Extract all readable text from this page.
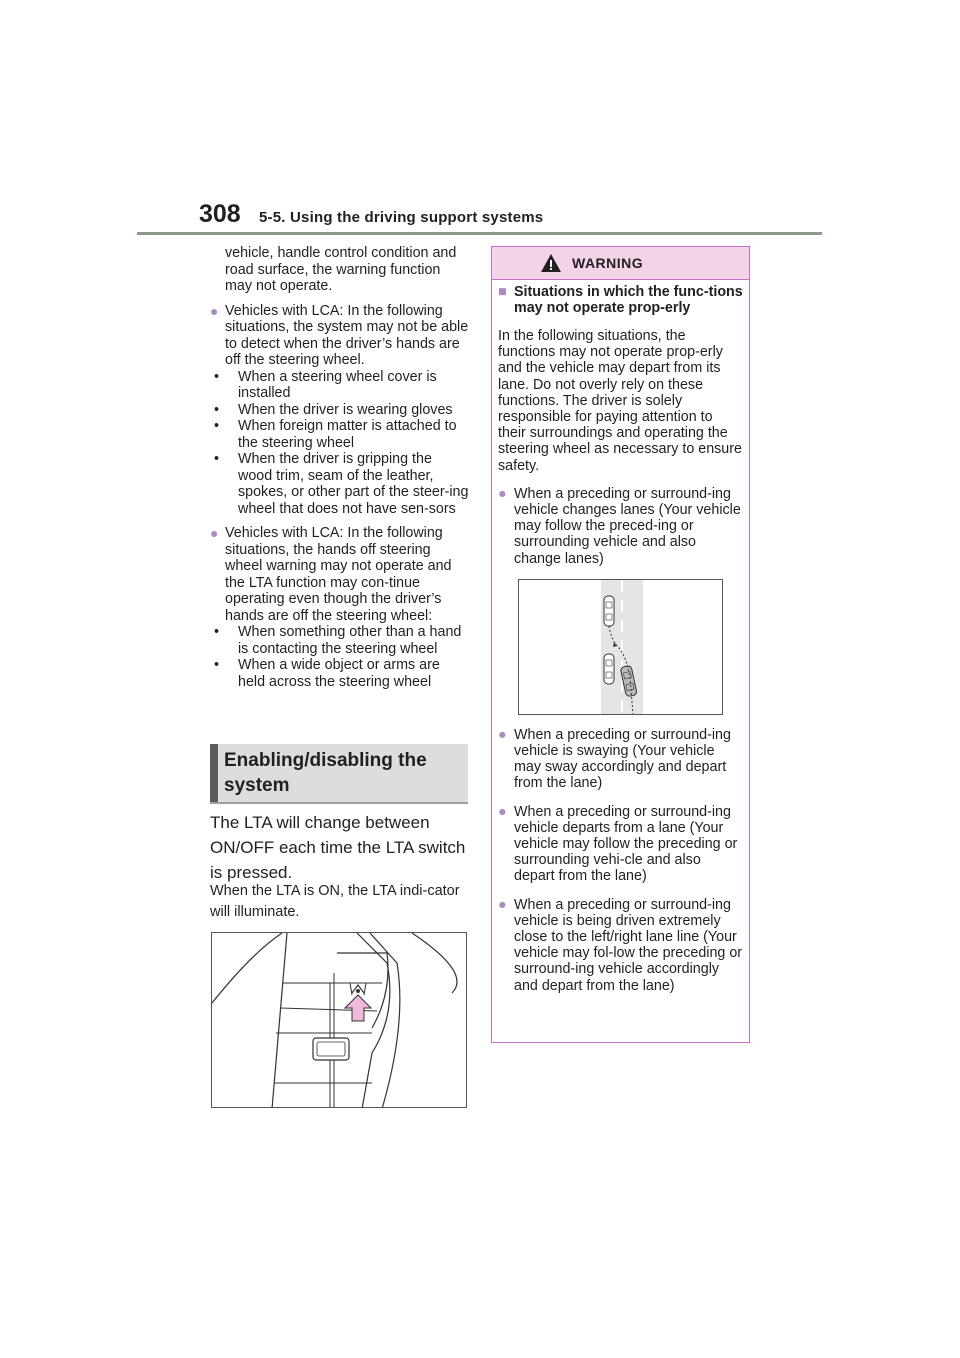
308 5-5. Using the driving support systems
vehicle, handle control condition and road surface, the warning function may not operate.
● Vehicles with LCA: In the following situations, the system may not be able to detect when the driver’s hands are off the steering wheel.
•	When a steering wheel cover is installed
•	When the driver is wearing gloves
•	When foreign matter is attached to the steering wheel
•	When the driver is gripping the wood trim, seam of the leather, spokes, or other part of the steer-ing wheel that does not have sen-sors
● Vehicles with LCA: In the following situations, the hands off steering wheel warning may not operate and the LTA function may con-tinue operating even though the driver’s hands are off the steering wheel:
•	When something other than a hand is contacting the steering wheel
•	When a wide object or arms are held across the steering wheel
Enabling/disabling the system
The LTA will change between ON/OFF each time the LTA switch is pressed.
When the LTA is ON, the LTA indi-cator will illuminate.
WARNING
■ Situations in which the func-tions may not operate prop-erly
In the following situations, the functions may not operate prop-erly and the vehicle may depart from its lane. Do not overly rely on these functions. The driver is solely responsible for paying attention to their surroundings and operating the steering wheel as necessary to ensure safety.
● When a preceding or surround-ing vehicle changes lanes (Your vehicle may follow the preced-ing or surrounding vehicle and also change lanes)
● When a preceding or surround-ing vehicle is swaying (Your vehicle may sway accordingly and depart from the lane)
● When a preceding or surround-ing vehicle departs from a lane (Your vehicle may follow the preceding or surrounding vehi-cle and also depart from the lane)
● When a preceding or surround-ing vehicle is being driven extremely close to the left/right lane line (Your vehicle may fol-low the preceding or surround-ing vehicle accordingly and depart from the lane)
